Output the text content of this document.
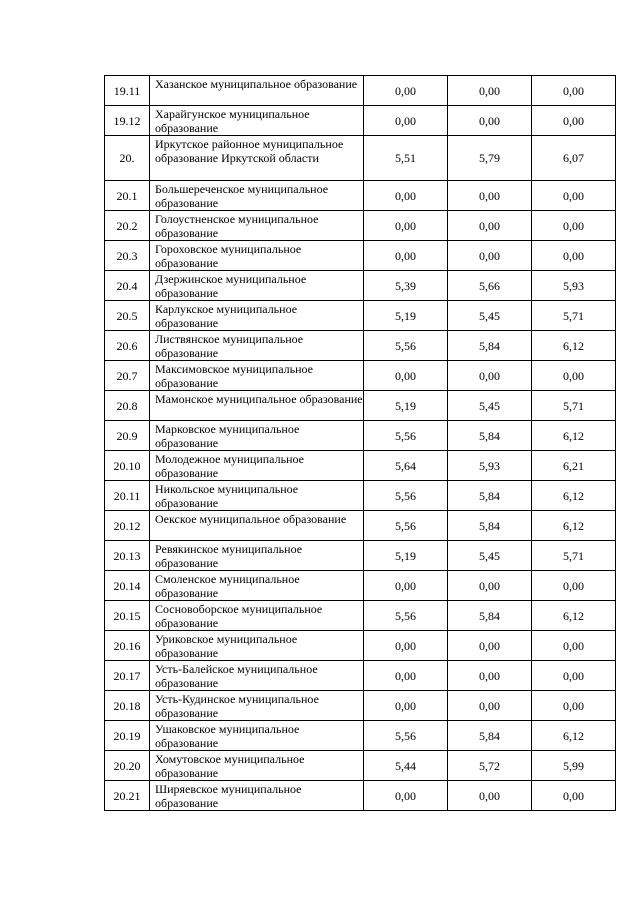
19.11	Хазанское муниципальное образование	0,00	0,00	0,00
19.12	Харайгунское муниципальное образование	0,00	0,00	0,00
20.	Иркутское районное муниципальное образование Иркутской области	5,51	5,79	6,07
20.1	Большереченское муниципальное образование	0,00	0,00	0,00
20.2	Голоустненское муниципальное образование	0,00	0,00	0,00
20.3	Гороховское муниципальное образование	0,00	0,00	0,00
20.4	Дзержинское муниципальное образование	5,39	5,66	5,93
20.5	Карлукское муниципальное образование	5,19	5,45	5,71
20.6	Листвянское муниципальное образование	5,56	5,84	6,12
20.7	Максимовское муниципальное образование	0,00	0,00	0,00
20.8	Мамонское муниципальное образование	5,19	5,45	5,71
20.9	Марковское муниципальное образование	5,56	5,84	6,12
20.10	Молодежное муниципальное образование	5,64	5,93	6,21
20.11	Никольское муниципальное образование	5,56	5,84	6,12
20.12	Оекское муниципальное образование	5,56	5,84	6,12
20.13	Ревякинское муниципальное образование	5,19	5,45	5,71
20.14	Смоленское муниципальное образование	0,00	0,00	0,00
20.15	Сосновоборское муниципальное образование	5,56	5,84	6,12
20.16	Уриковское муниципальное образование	0,00	0,00	0,00
20.17	Усть-Балейское муниципальное образование	0,00	0,00	0,00
20.18	Усть-Кудинское муниципальное образование	0,00	0,00	0,00
20.19	Ушаковское муниципальное образование	5,56	5,84	6,12
20.20	Хомутовское муниципальное образование	5,44	5,72	5,99
20.21	Ширяевское муниципальное образование	0,00	0,00	0,00
